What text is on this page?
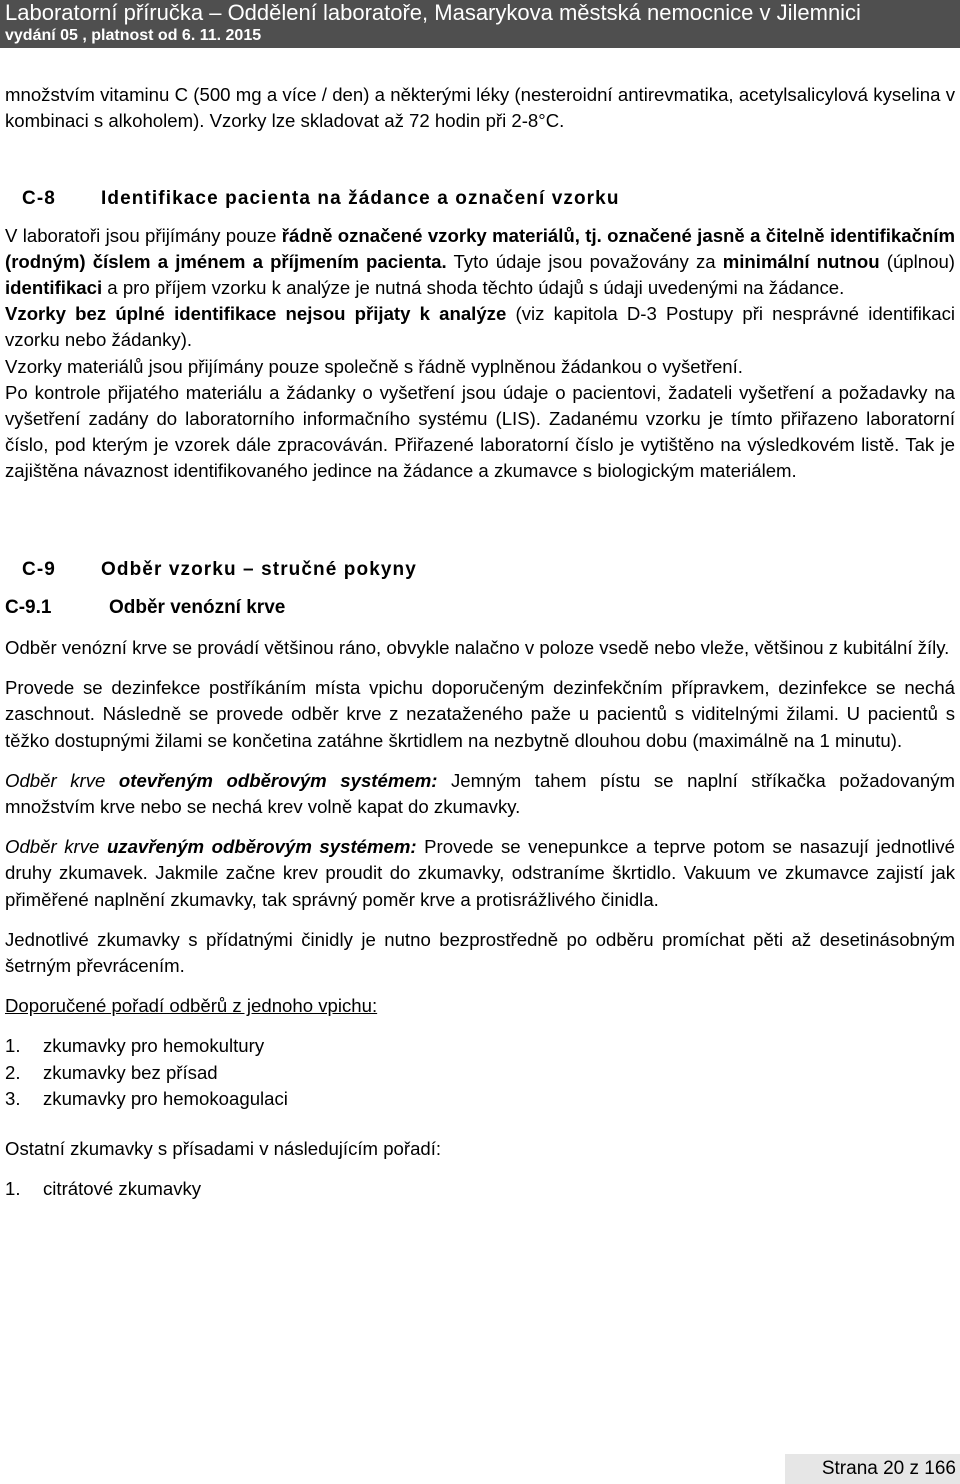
Laboratorní příručka – Oddělení laboratoře, Masarykova městská nemocnice v Jilemnici
vydání 05 , platnost od 6. 11. 2015

množstvím vitaminu C (500 mg a více / den) a některými léky (nesteroidní antirevmatika, acetylsalicylová kyselina v kombinaci s alkoholem). Vzorky lze skladovat až 72 hodin při 2-8°C.

C-8	Identifikace pacienta na žádance a označení vzorku

V laboratoři jsou přijímány pouze řádně označené vzorky materiálů, tj. označené jasně a čitelně identifikačním (rodným) číslem a jménem a příjmením pacienta. Tyto údaje jsou považovány za minimální nutnou (úplnou) identifikaci a pro příjem vzorku k analýze je nutná shoda těchto údajů s údaji uvedenými na žádance.

Vzorky bez úplné identifikace nejsou přijaty k analýze (viz kapitola D-3 Postupy při nesprávné identifikaci vzorku nebo žádanky).

Vzorky materiálů jsou přijímány pouze společně s řádně vyplněnou žádankou o vyšetření.

Po kontrole přijatého materiálu a žádanky o vyšetření jsou údaje o pacientovi, žadateli vyšetření a požadavky na vyšetření zadány do laboratorního informačního systému (LIS). Zadanému vzorku je tímto přiřazeno laboratorní číslo, pod kterým je vzorek dále zpracováván. Přiřazené laboratorní číslo je vytištěno na výsledkovém listě. Tak je zajištěna návaznost identifikovaného jedince na žádance a zkumavce s biologickým materiálem.

C-9	Odběr vzorku – stručné pokyny
C-9.1	Odběr venózní krve

Odběr venózní krve se provádí většinou ráno, obvykle nalačno v poloze vsedě nebo vleže, většinou z kubitální žíly.

Provede se dezinfekce postříkáním místa vpichu doporučeným dezinfekčním přípravkem, dezinfekce se nechá zaschnout. Následně se provede odběr krve z nezataženého paže u pacientů s viditelnými žilami. U pacientů s těžko dostupnými žilami se končetina zatáhne škrtidlem na nezbytně dlouhou dobu (maximálně na 1 minutu).

Odběr krve otevřeným odběrovým systémem: Jemným tahem pístu se naplní stříkačka požadovaným množstvím krve nebo se nechá krev volně kapat do zkumavky.

Odběr krve uzavřeným odběrovým systémem: Provede se venepunkce a teprve potom se nasazují jednotlivé druhy zkumavek. Jakmile začne krev proudit do zkumavky, odstraníme škrtidlo. Vakuum ve zkumavce zajistí jak přiměřené naplnění zkumavky, tak správný poměr krve a protisrážlivého činidla.

Jednotlivé zkumavky s přídatnými činidly je nutno bezprostředně po odběru promíchat pěti až desetinásobným šetrným převrácením.

Doporučené pořadí odběrů z jednoho vpichu:

1.	zkumavky pro hemokultury
2.	zkumavky bez přísad
3.	zkumavky pro hemokoagulaci

Ostatní zkumavky s přísadami v následujícím pořadí:

1.	citrátové zkumavky
Strana 20 z 166
